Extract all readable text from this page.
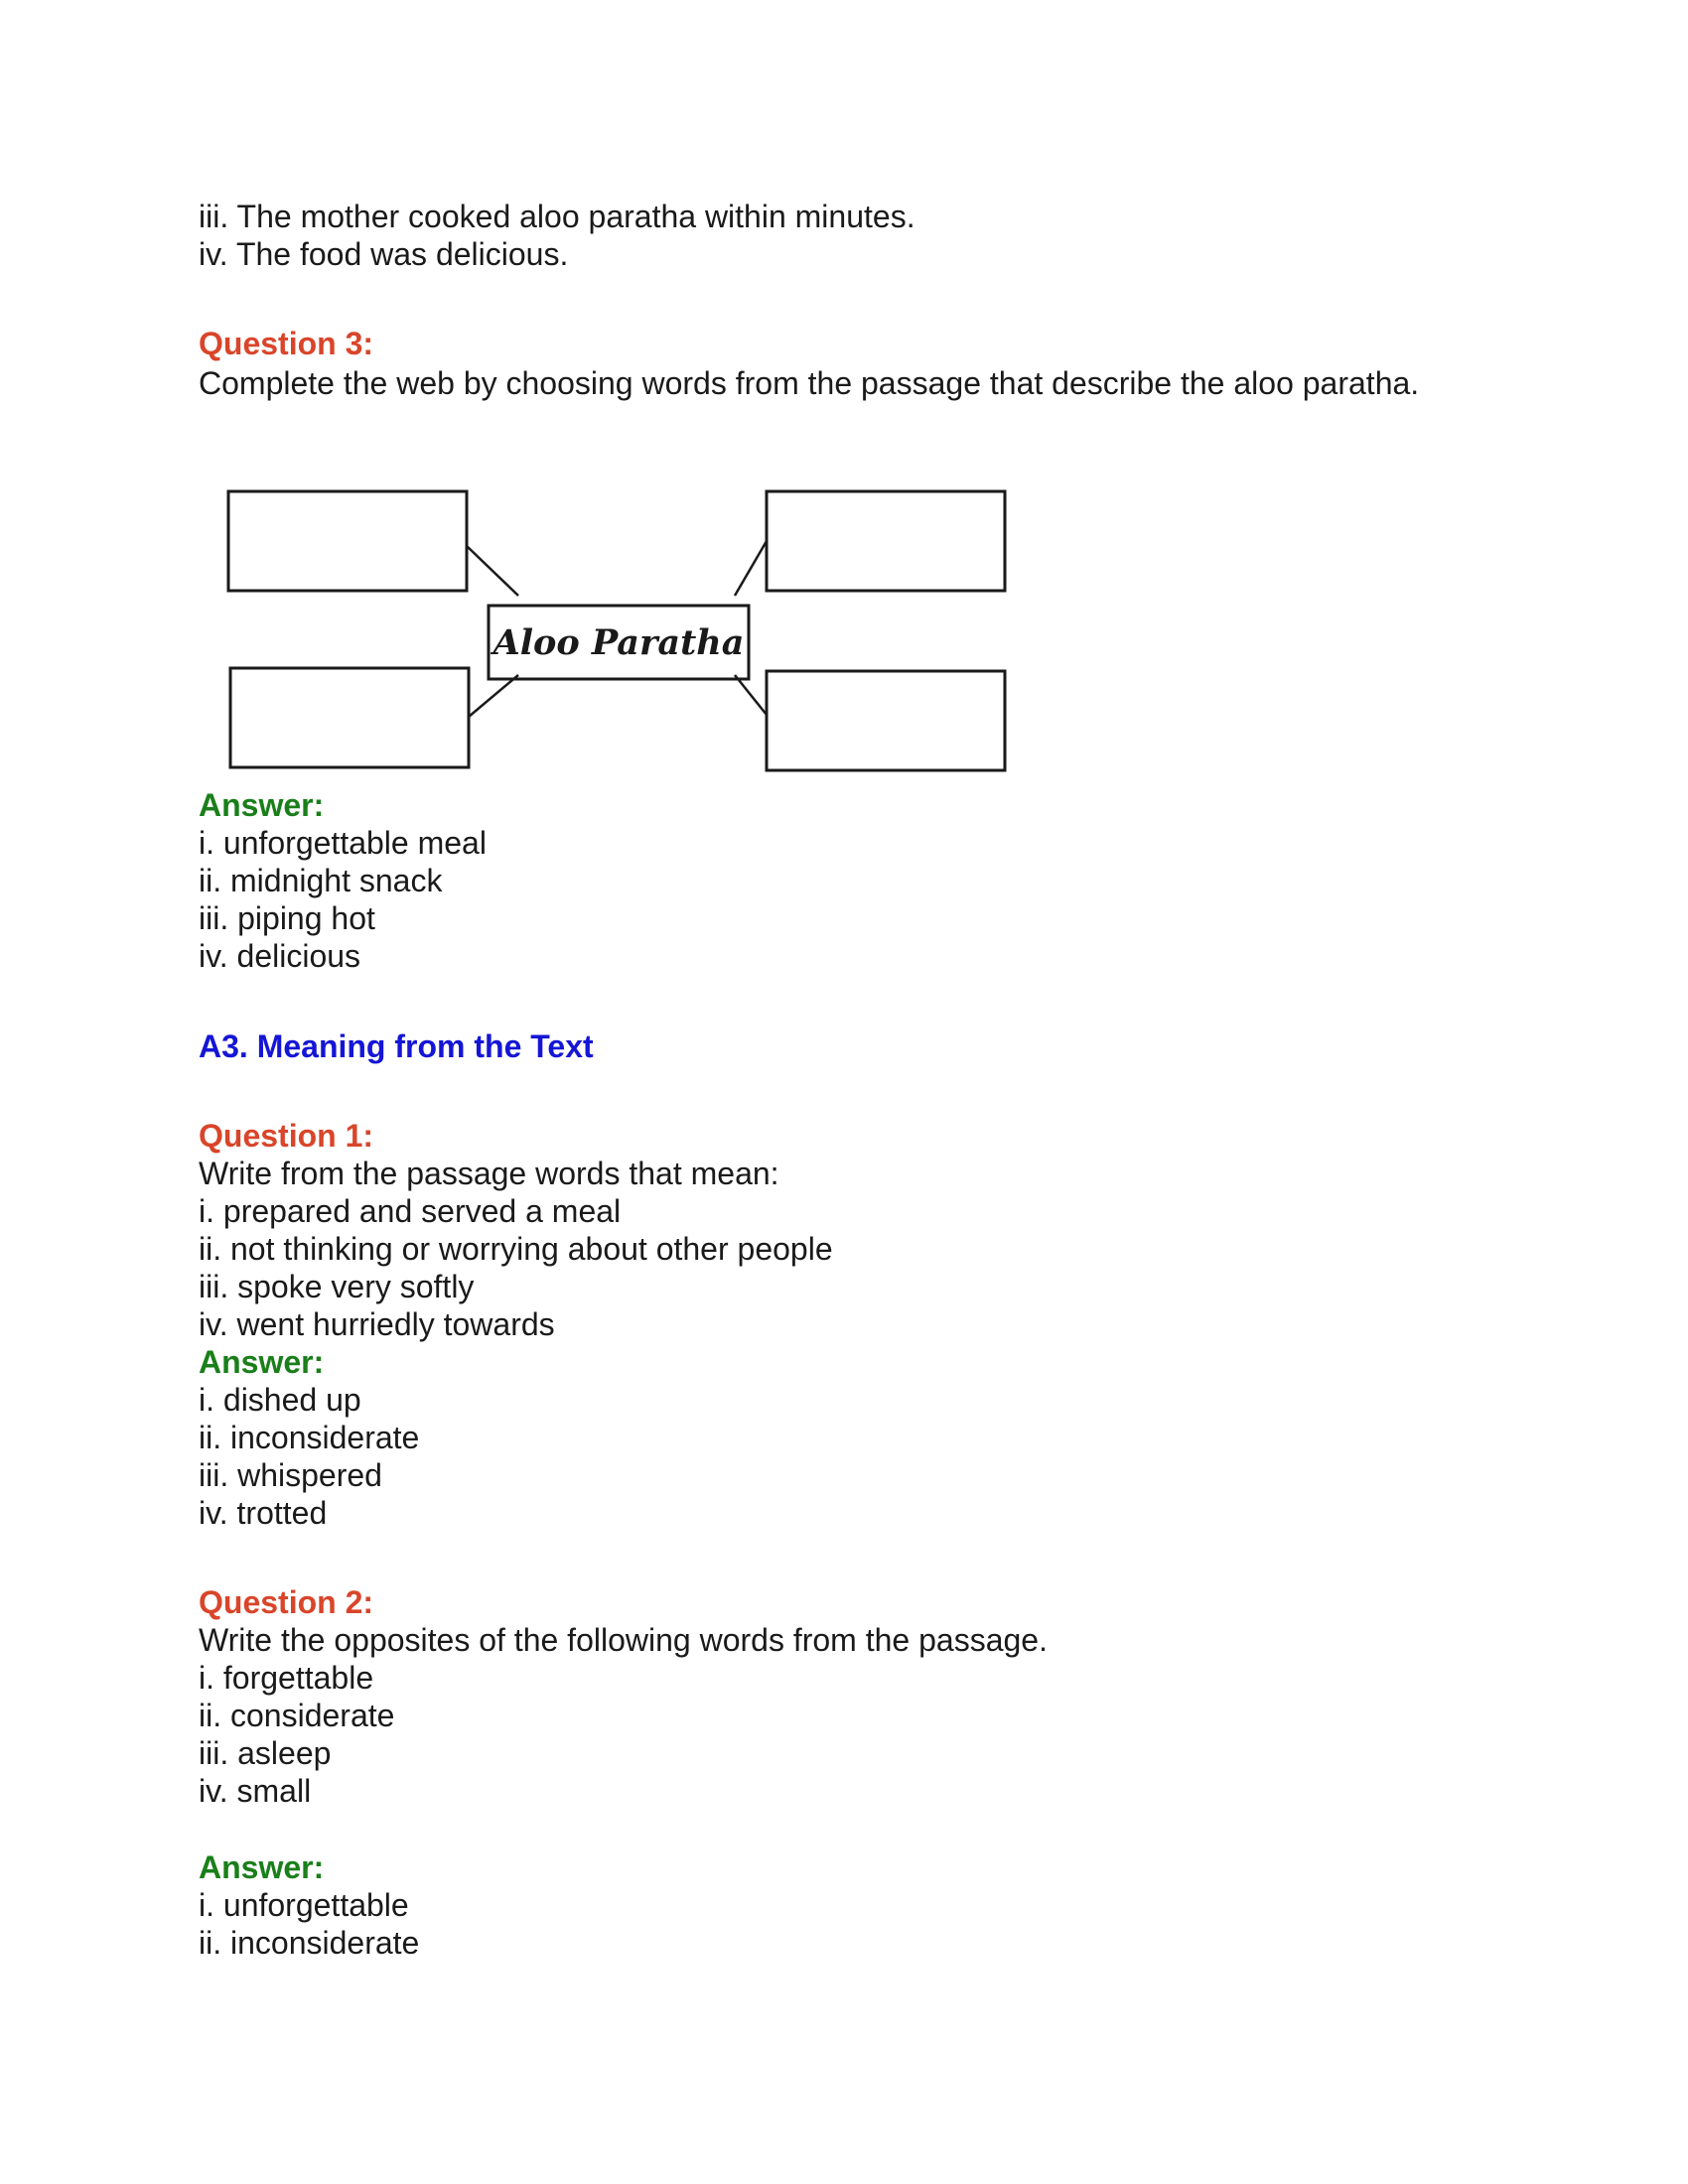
iii. The mother cooked aloo paratha within minutes.
iv. The food was delicious.
Question 3:
Complete the web by choosing words from the passage that describe the aloo paratha.
Aloo Paratha
Answer:
i. unforgettable meal
ii. midnight snack
iii. piping hot
iv. delicious
A3. Meaning from the Text
Question 1:
Write from the passage words that mean:
i. prepared and served a meal
ii. not thinking or worrying about other people
iii. spoke very softly
iv. went hurriedly towards
Answer:
i. dished up
ii. inconsiderate
iii. whispered
iv. trotted
Question 2:
Write the opposites of the following words from the passage.
i. forgettable
ii. considerate
iii. asleep
iv. small
Answer:
i. unforgettable
ii. inconsiderate
